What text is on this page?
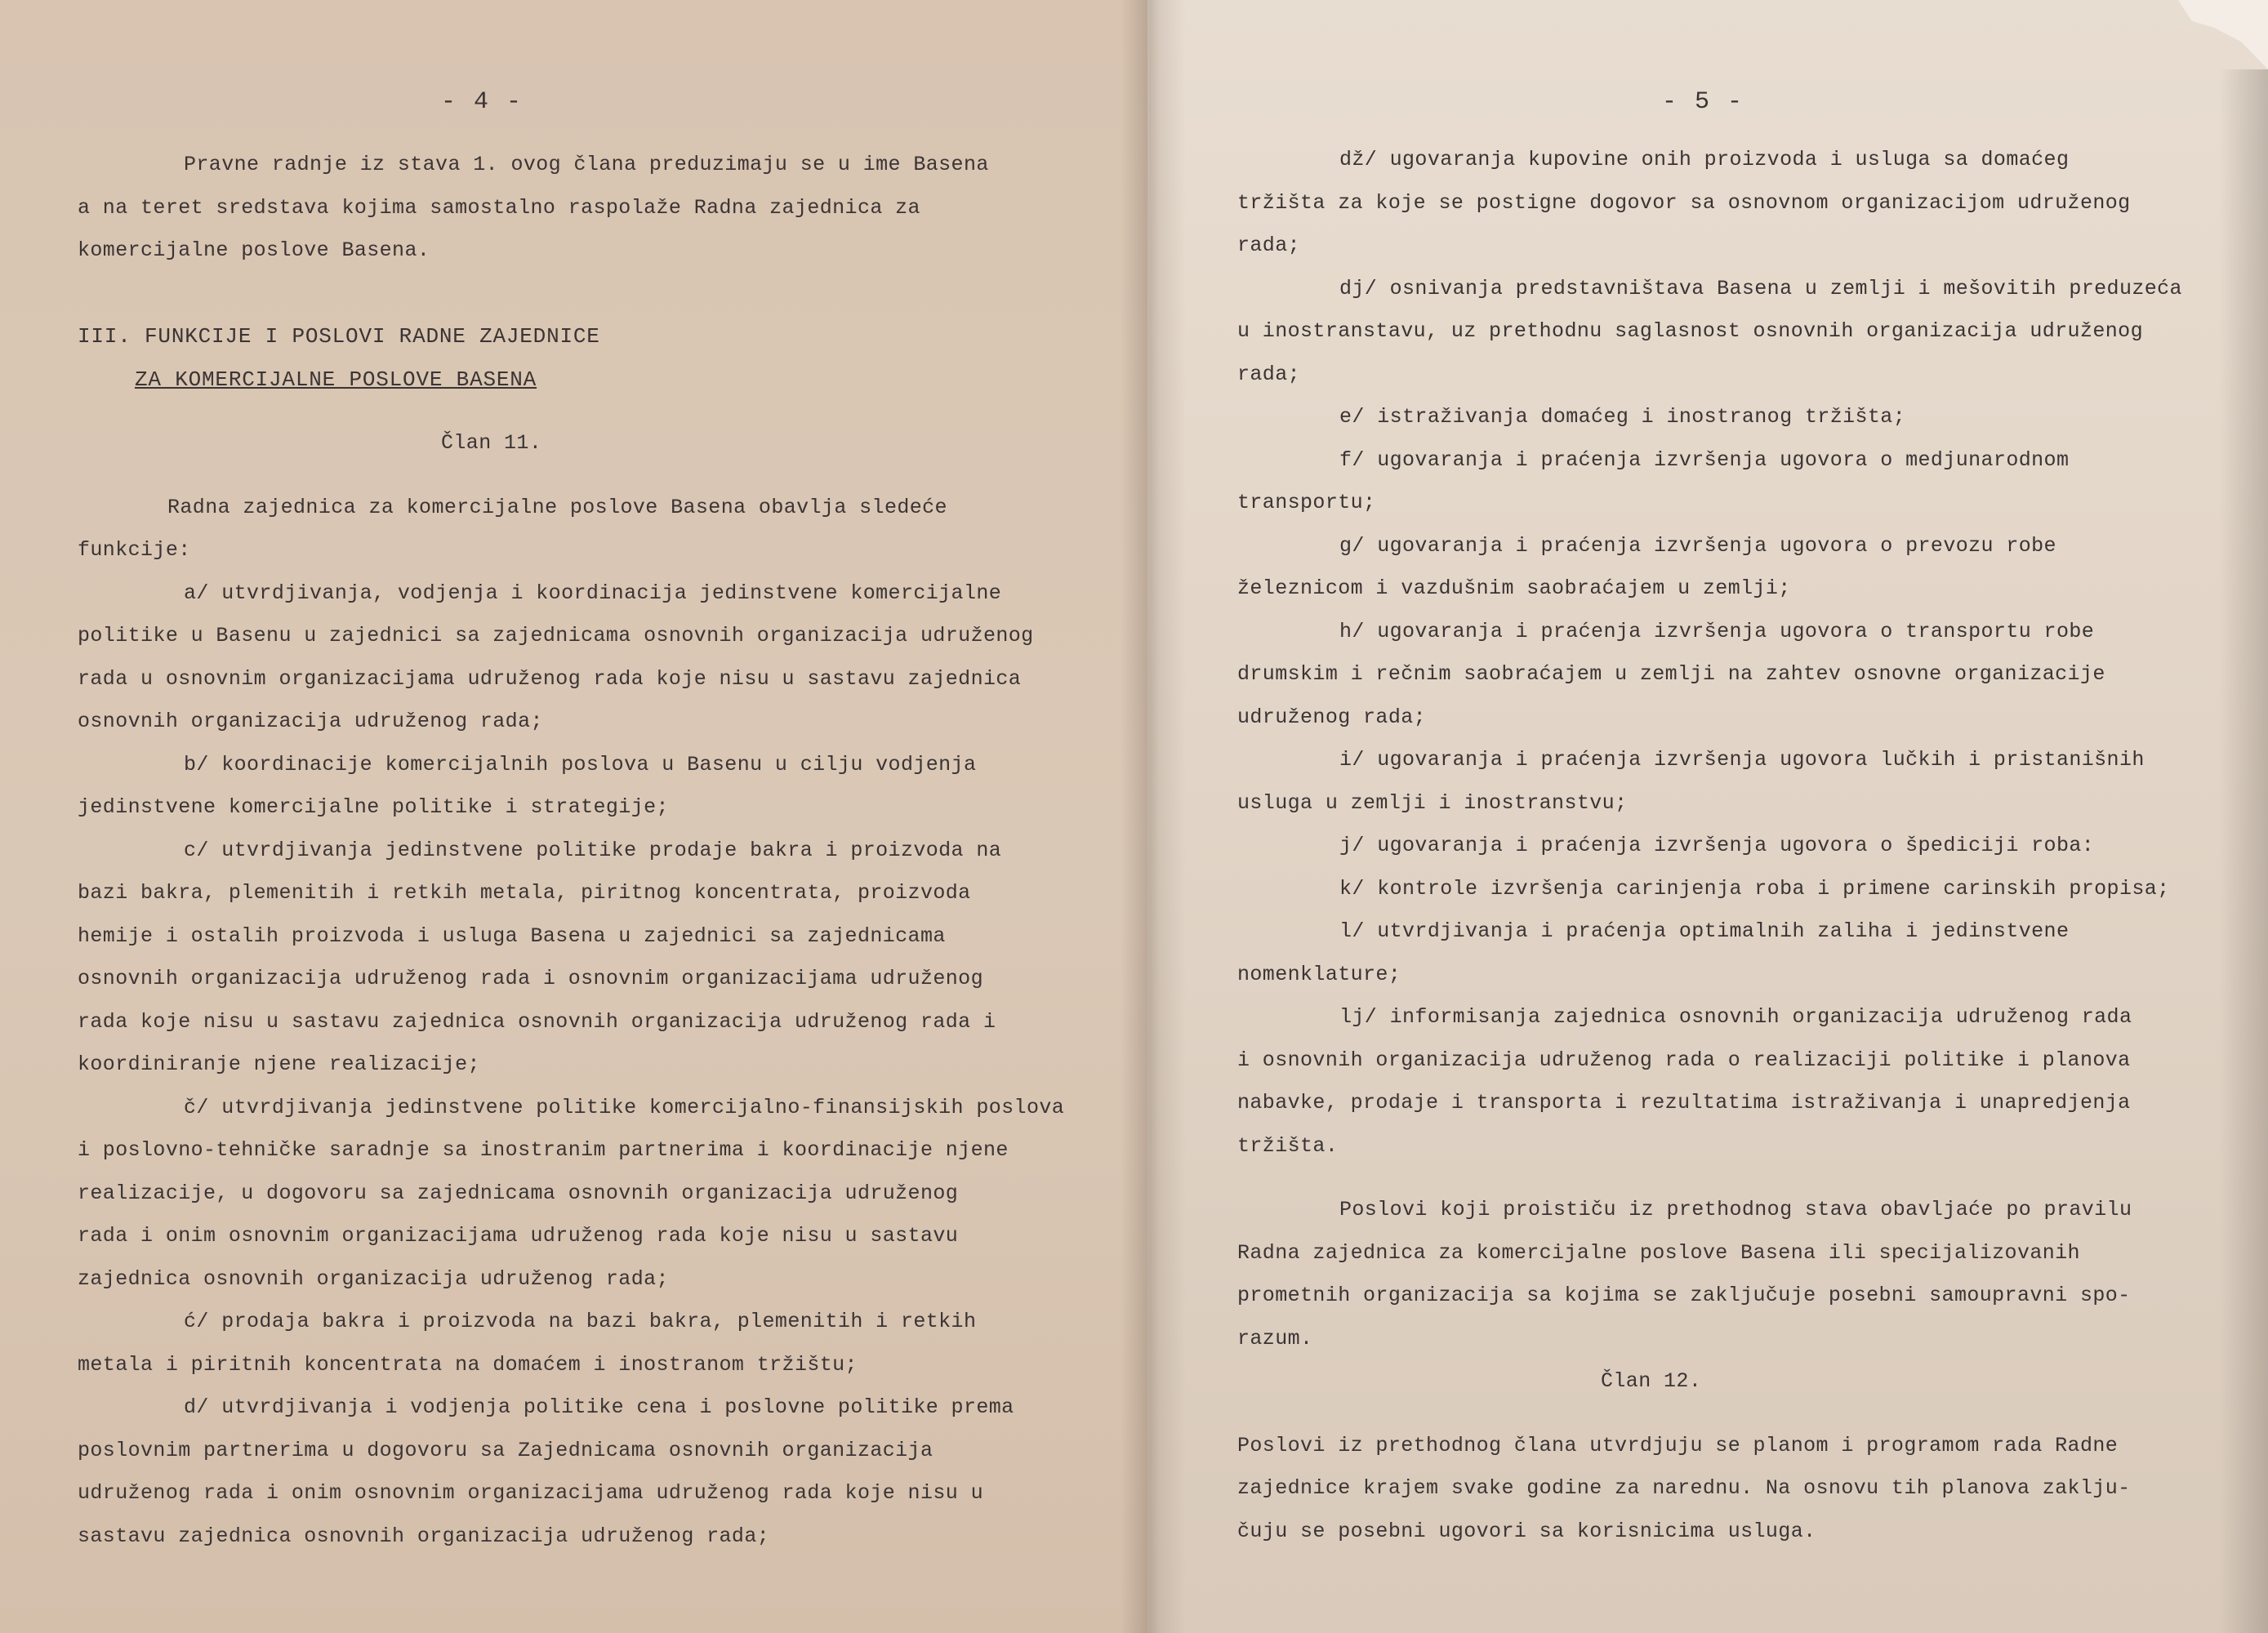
- 4 -
Pravne radnje iz stava 1. ovog člana preduzimaju se u ime Basena
a na teret sredstava kojima samostalno raspolaže Radna zajednica za
komercijalne poslove Basena.
III. FUNKCIJE I POSLOVI RADNE ZAJEDNICE
ZA KOMERCIJALNE POSLOVE BASENA
Član 11.
Radna zajednica za komercijalne poslove Basena obavlja sledeće
funkcije:
a/ utvrdjivanja, vodjenja i koordinacija jedinstvene komercijalne
politike u Basenu u zajednici sa zajednicama osnovnih organizacija udruženog
rada u osnovnim organizacijama udruženog rada koje nisu u sastavu zajednica
osnovnih organizacija udruženog rada;
b/ koordinacije komercijalnih poslova u Basenu u cilju vodjenja
jedinstvene komercijalne politike i strategije;
c/ utvrdjivanja jedinstvene politike prodaje bakra i proizvoda na
bazi bakra, plemenitih i retkih metala, piritnog koncentrata, proizvoda
hemije i ostalih proizvoda i usluga Basena u zajednici sa zajednicama
osnovnih organizacija udruženog rada i osnovnim organizacijama udruženog
rada koje nisu u sastavu zajednica osnovnih organizacija udruženog rada i
koordiniranje njene realizacije;
č/ utvrdjivanja jedinstvene politike komercijalno-finansijskih poslova
i poslovno-tehničke saradnje sa inostranim partnerima i koordinacije njene
realizacije, u dogovoru sa zajednicama osnovnih organizacija udruženog
rada i onim osnovnim organizacijama udruženog rada koje nisu u sastavu
zajednica osnovnih organizacija udruženog rada;
ć/ prodaja bakra i proizvoda na bazi bakra, plemenitih i retkih
metala i piritnih koncentrata na domaćem i inostranom tržištu;
d/ utvrdjivanja i vodjenja politike cena i poslovne politike prema
poslovnim partnerima u dogovoru sa Zajednicama osnovnih organizacija
udruženog rada i onim osnovnim organizacijama udruženog rada koje nisu u
sastavu zajednica osnovnih organizacija udruženog rada;
- 5 -
dž/ ugovaranja kupovine onih proizvoda i usluga sa domaćeg
tržišta za koje se postigne dogovor sa osnovnom organizacijom udruženog
rada;
dj/ osnivanja predstavništava Basena u zemlji i mešovitih preduzeća
u inostranstavu, uz prethodnu saglasnost osnovnih organizacija udruženog
rada;
e/ istraživanja domaćeg i inostranog tržišta;
f/ ugovaranja i praćenja izvršenja ugovora o medjunarodnom
transportu;
g/ ugovaranja i praćenja izvršenja ugovora o prevozu robe
železnicom i vazdušnim saobraćajem u zemlji;
h/ ugovaranja i praćenja izvršenja ugovora o transportu robe
drumskim i rečnim saobraćajem u zemlji na zahtev osnovne organizacije
udruženog rada;
i/ ugovaranja i praćenja izvršenja ugovora lučkih i pristanišnih
usluga u zemlji i inostranstvu;
j/ ugovaranja i praćenja izvršenja ugovora o špediciji roba:
k/ kontrole izvršenja carinjenja roba i primene carinskih propisa;
l/ utvrdjivanja i praćenja optimalnih zaliha i jedinstvene
nomenklature;
lj/ informisanja zajednica osnovnih organizacija udruženog rada
i osnovnih organizacija udruženog rada o realizaciji politike i planova
nabavke, prodaje i transporta i rezultatima istraživanja i unapredjenja
tržišta.
Poslovi koji proističu iz prethodnog stava obavljaće po pravilu
Radna zajednica za komercijalne poslove Basena ili specijalizovanih
prometnih organizacija sa kojima se zaključuje posebni samoupravni spo-
razum.
Član 12.
Poslovi iz prethodnog člana utvrdjuju se planom i programom rada Radne
zajednice krajem svake godine za narednu. Na osnovu tih planova zaklju-
čuju se posebni ugovori sa korisnicima usluga.
